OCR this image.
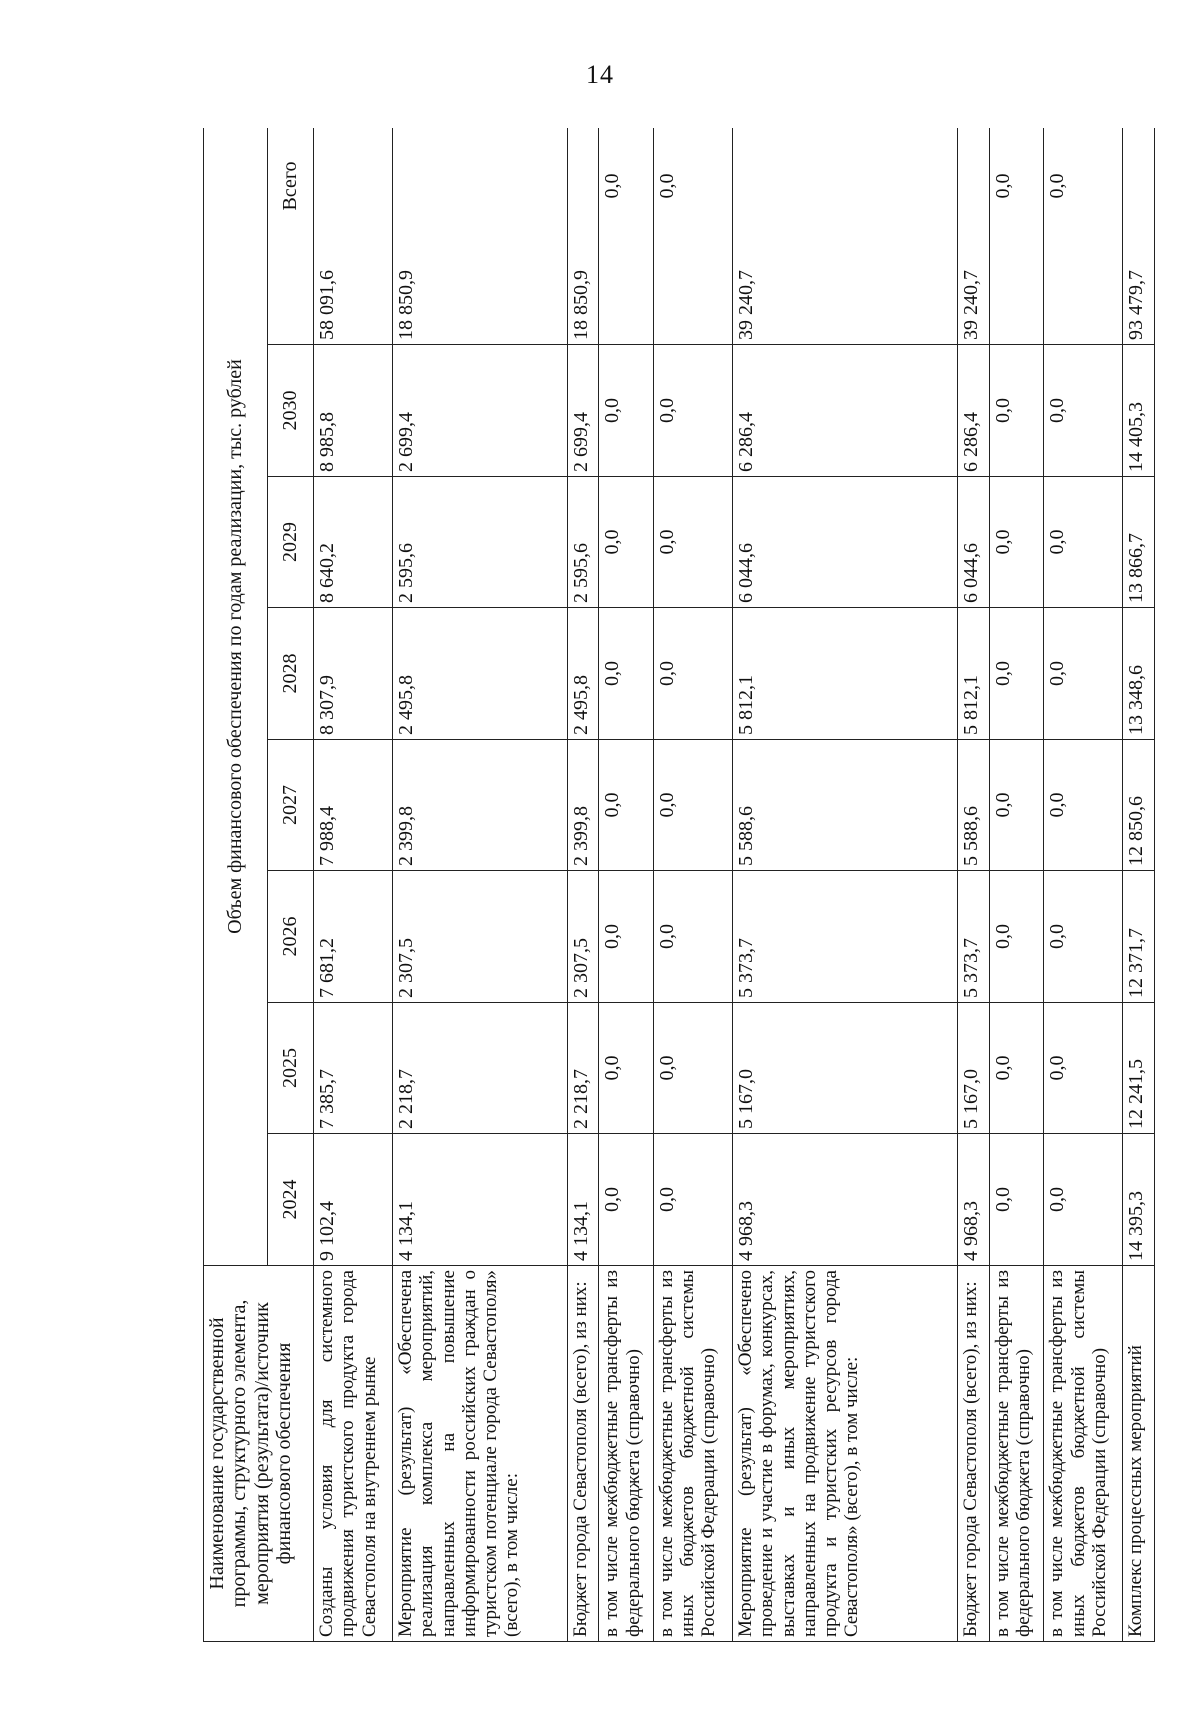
14
Наименование государственной программы, структурного элемента, мероприятия (результата)/источник финансового обеспечения	Объем финансового обеспечения по годам реализации, тыс. рублей							
	2024	2025	2026	2027	2028	2029	2030	Всего
Созданы условия для системного продвижения туристского продукта города Севастополя на внутреннем рынке	9 102,4	7 385,7	7 681,2	7 988,4	8 307,9	8 640,2	8 985,8	58 091,6
Мероприятие (результат) «Обеспечена реализация комплекса мероприятий, направленных на повышение информированности российских граждан о туристском потенциале города Севастополя» (всего), в том числе:	4 134,1	2 218,7	2 307,5	2 399,8	2 495,8	2 595,6	2 699,4	18 850,9
Бюджет города Севастополя (всего), из них:	4 134,1	2 218,7	2 307,5	2 399,8	2 495,8	2 595,6	2 699,4	18 850,9
в том числе межбюджетные трансферты из федерального бюджета (справочно)	0,0	0,0	0,0	0,0	0,0	0,0	0,0	0,0
в том числе межбюджетные трансферты из иных бюджетов бюджетной системы Российской Федерации (справочно)	0,0	0,0	0,0	0,0	0,0	0,0	0,0	0,0
Мероприятие (результат) «Обеспечено проведение и участие в форумах, конкурсах, выставках и иных мероприятиях, направленных на продвижение туристского продукта и туристских ресурсов города Севастополя» (всего), в том числе:	4 968,3	5 167,0	5 373,7	5 588,6	5 812,1	6 044,6	6 286,4	39 240,7
Бюджет города Севастополя (всего), из них:	4 968,3	5 167,0	5 373,7	5 588,6	5 812,1	6 044,6	6 286,4	39 240,7
в том числе межбюджетные трансферты из федерального бюджета (справочно)	0,0	0,0	0,0	0,0	0,0	0,0	0,0	0,0
в том числе межбюджетные трансферты из иных бюджетов бюджетной системы Российской Федерации (справочно)	0,0	0,0	0,0	0,0	0,0	0,0	0,0	0,0
Комплекс процессных мероприятий	14 395,3	12 241,5	12 371,7	12 850,6	13 348,6	13 866,7	14 405,3	93 479,7
